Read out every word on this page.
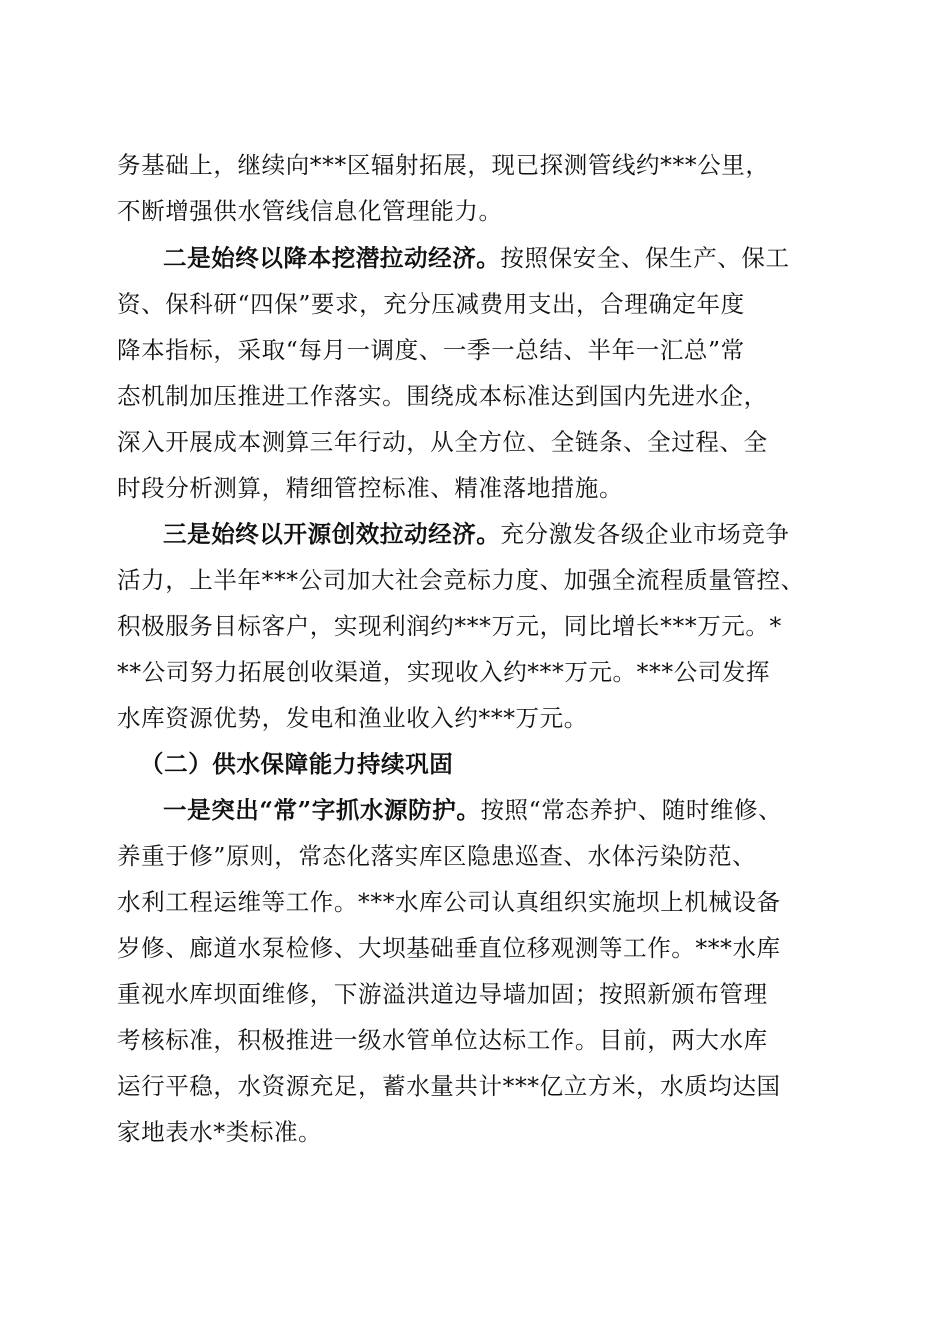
务基础上，继续向***区辐射拓展，现已探测管线约***公里，
不断增强供水管线信息化管理能力。
二是始终以降本挖潜拉动经济。按照保安全、保生产、保工
资、保科研“四保”要求，充分压减费用支出，合理确定年度
降本指标，采取“每月一调度、一季一总结、半年一汇总”常
态机制加压推进工作落实。围绕成本标准达到国内先进水企，
深入开展成本测算三年行动，从全方位、全链条、全过程、全
时段分析测算，精细管控标准、精准落地措施。
三是始终以开源创效拉动经济。充分激发各级企业市场竞争
活力，上半年***公司加大社会竞标力度、加强全流程质量管控、
积极服务目标客户，实现利润约***万元，同比增长***万元。*
**公司努力拓展创收渠道，实现收入约***万元。***公司发挥
水库资源优势，发电和渔业收入约***万元。
（二）供水保障能力持续巩固
一是突出“常”字抓水源防护。按照“常态养护、随时维修、
养重于修”原则，常态化落实库区隐患巡查、水体污染防范、
水利工程运维等工作。***水库公司认真组织实施坝上机械设备
岁修、廊道水泵检修、大坝基础垂直位移观测等工作。***水库
重视水库坝面维修，下游溢洪道边导墙加固；按照新颁布管理
考核标准，积极推进一级水管单位达标工作。目前，两大水库
运行平稳，水资源充足，蓄水量共计***亿立方米，水质均达国
家地表水*类标准。
